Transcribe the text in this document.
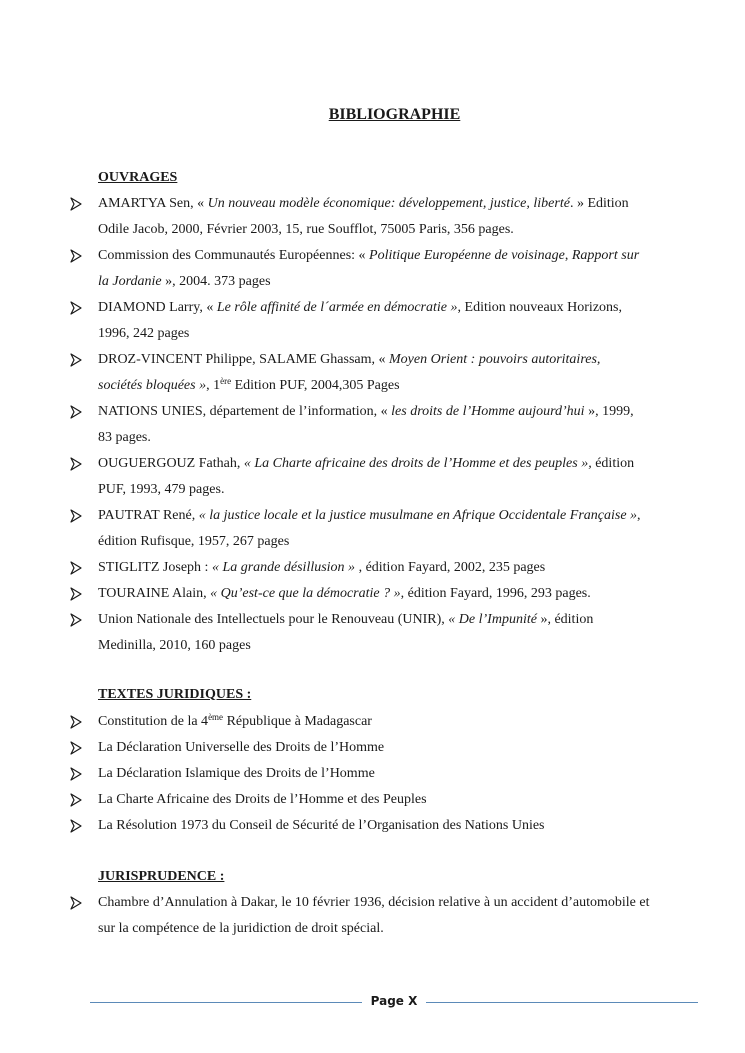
BIBLIOGRAPHIE
OUVRAGES
AMARTYA Sen, « Un nouveau modèle économique: développement, justice, liberté. » Edition
Odile Jacob, 2000, Février 2003, 15, rue Soufflot, 75005 Paris, 356 pages.
Commission des Communautés Européennes: « Politique Européenne de voisinage, Rapport sur
la Jordanie », 2004. 373 pages
DIAMOND Larry, « Le rôle affinité de l´armée en démocratie », Edition nouveaux Horizons,
1996, 242 pages
DROZ-VINCENT Philippe, SALAME Ghassam, « Moyen Orient : pouvoirs autoritaires,
sociétés bloquées », 1ère Edition PUF, 2004,305 Pages
NATIONS UNIES, département de l’information, « les droits de l’Homme aujourd’hui », 1999,
83 pages.
OUGUERGOUZ Fathah, « La Charte africaine des droits de l’Homme et des peuples », édition
PUF, 1993, 479 pages.
PAUTRAT René, « la justice locale et la justice musulmane en Afrique Occidentale Française »,
édition Rufisque, 1957, 267 pages
STIGLITZ Joseph : « La grande désillusion » , édition Fayard, 2002, 235 pages
TOURAINE Alain, « Qu’est-ce que la démocratie ? », édition Fayard, 1996, 293 pages.
Union Nationale des Intellectuels pour le Renouveau (UNIR), « De l’Impunité », édition
Medinilla, 2010, 160 pages
TEXTES JURIDIQUES :
Constitution de la 4ème République à Madagascar
La Déclaration Universelle des Droits de l’Homme
La Déclaration Islamique des Droits de l’Homme
La Charte Africaine des Droits de l’Homme et des Peuples
La Résolution 1973 du Conseil de Sécurité de l’Organisation des Nations Unies
JURISPRUDENCE :
Chambre d’Annulation à Dakar, le 10 février 1936, décision relative à un accident d’automobile et
sur la compétence de la juridiction de droit spécial.
Page X
